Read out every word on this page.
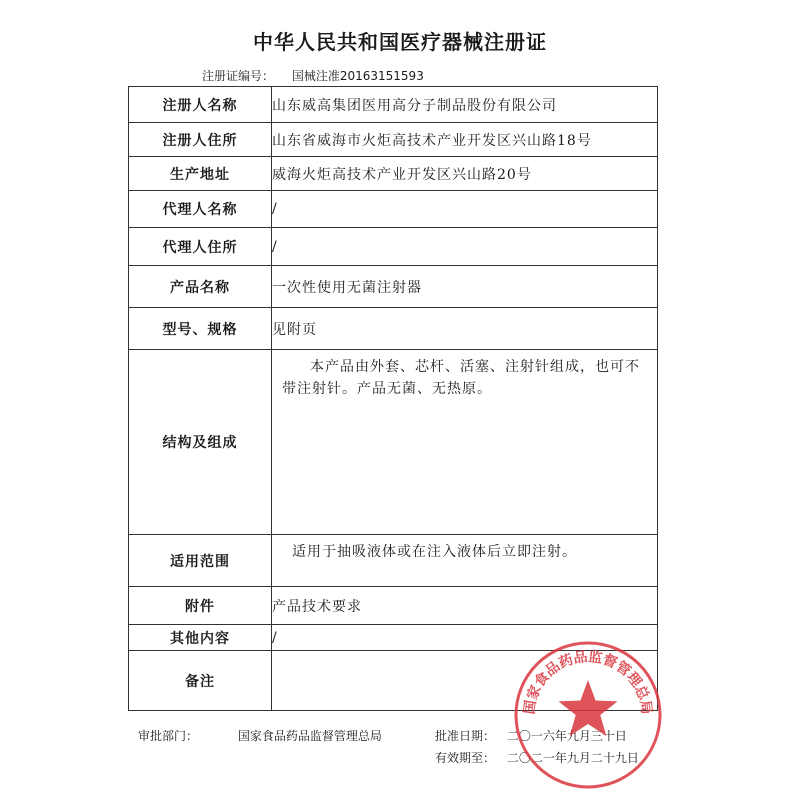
中华人民共和国医疗器械注册证
注册证编号： 国械注准20163151593
注册人名称	山东威高集团医用高分子制品股份有限公司
注册人住所	山东省威海市火炬高技术产业开发区兴山路18号
生产地址	威海火炬高技术产业开发区兴山路20号
代理人名称	/
代理人住所	/
产品名称	一次性使用无菌注射器
型号、规格	见附页
结构及组成	本产品由外套、芯杆、活塞、注射针组成，也可不带注射针。产品无菌、无热原。
适用范围	适用于抽吸液体或在注入液体后立即注射。
附件	产品技术要求
其他内容	/
备注	
审批部门：	国家食品药品监督管理总局	批准日期： 二〇一六年九月三十日
有效期至： 二〇二一年九月二十九日
国家食品药品监督管理总局
